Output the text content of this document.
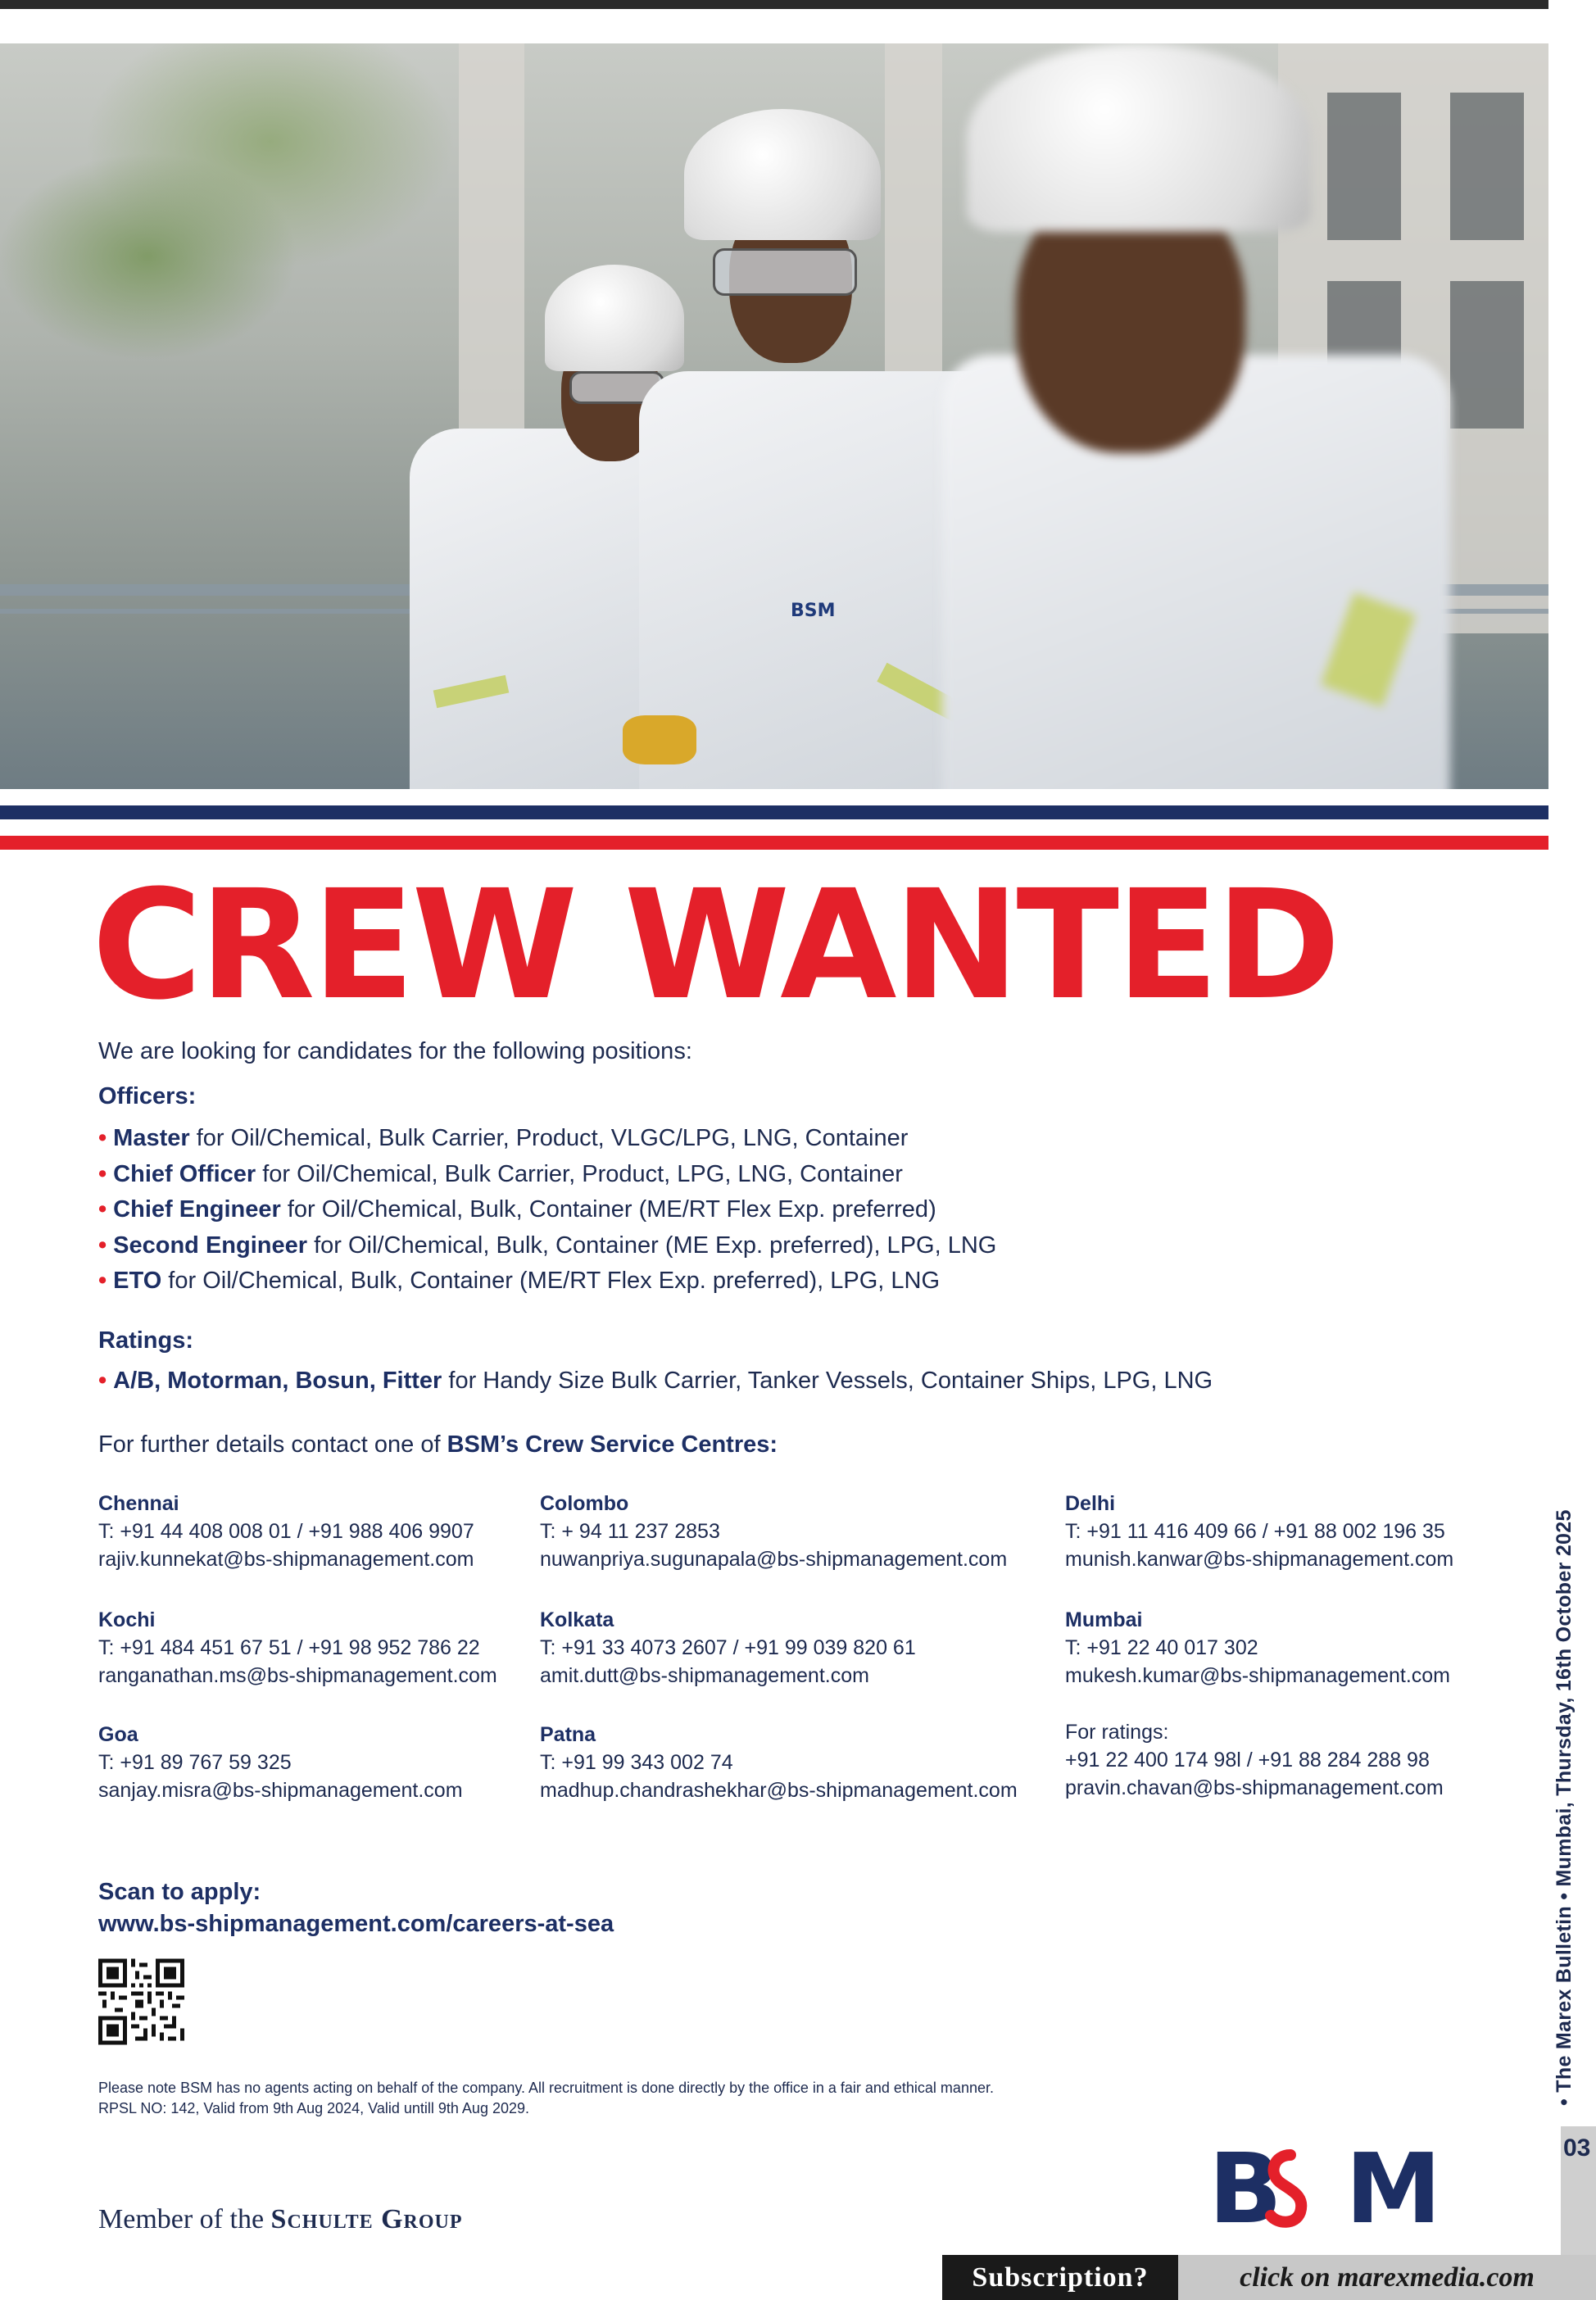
BSM
CREW WANTED
We are looking for candidates for the following positions:
Officers:
• Master for Oil/Chemical, Bulk Carrier, Product, VLGC/LPG, LNG, Container
• Chief Officer for Oil/Chemical, Bulk Carrier, Product, LPG, LNG, Container
• Chief Engineer for Oil/Chemical, Bulk, Container (ME/RT Flex Exp. preferred)
• Second Engineer for Oil/Chemical, Bulk, Container (ME Exp. preferred), LPG, LNG
• ETO for Oil/Chemical, Bulk, Container (ME/RT Flex Exp. preferred), LPG, LNG
Ratings:
• A/B, Motorman, Bosun, Fitter for Handy Size Bulk Carrier, Tanker Vessels, Container Ships, LPG, LNG
For further details contact one of BSM’s Crew Service Centres:
Chennai
T: +91 44 408 008 01 / +91 988 406 9907
rajiv.kunnekat@bs-shipmanagement.com
Kochi
T: +91 484 451 67 51 / +91 98 952 786 22
ranganathan.ms@bs-shipmanagement.com
Goa
T: +91 89 767 59 325
sanjay.misra@bs-shipmanagement.com
Colombo
T: + 94 11 237 2853
nuwanpriya.sugunapala@bs-shipmanagement.com
Kolkata
T: +91 33 4073 2607 / +91 99 039 820 61
amit.dutt@bs-shipmanagement.com
Patna
T: +91 99 343 002 74
madhup.chandrashekhar@bs-shipmanagement.com
Delhi
T: +91 11 416 409 66 / +91 88 002 196 35
munish.kanwar@bs-shipmanagement.com
Mumbai
T: +91 22 40 017 302
mukesh.kumar@bs-shipmanagement.com
For ratings:
+91 22 400 174 98l / +91 88 284 288 98
pravin.chavan@bs-shipmanagement.com
Scan to apply:
www.bs-shipmanagement.com/careers-at-sea
Please note BSM has no agents acting on behalf of the company. All recruitment is done directly by the office in a fair and ethical manner.
RPSL NO: 142, Valid from 9th Aug 2024, Valid untill 9th Aug 2029.
Member of the Schulte Group	BSM	03
• The Marex Bulletin • Mumbai, Thursday, 16th October 2025
Subscription?	click on marexmedia.com
